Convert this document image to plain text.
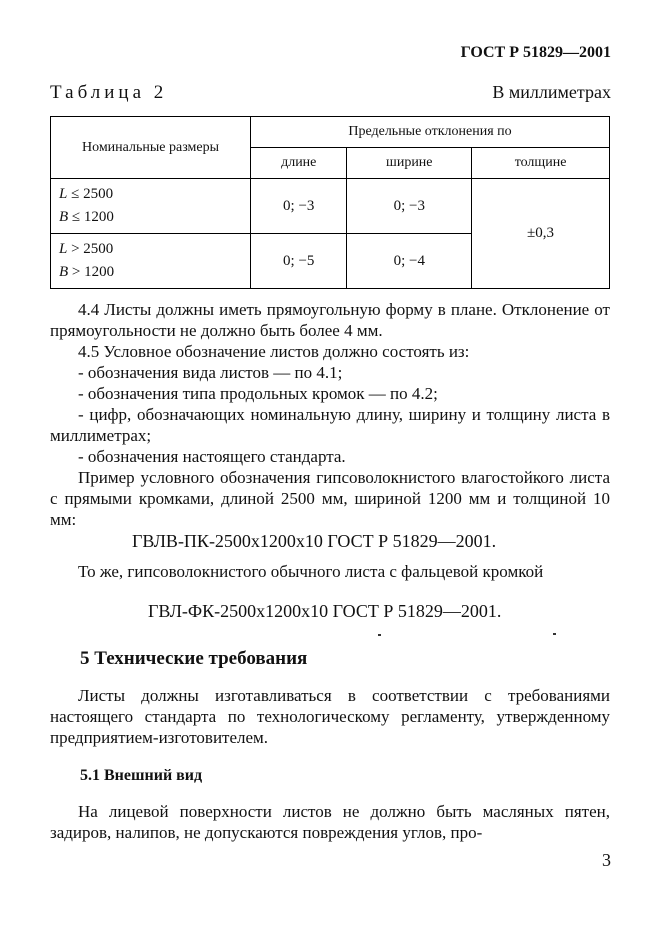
ГОСТ Р 51829—2001
Таблица 2	В миллиметрах
Номинальные размеры	Предельные отклонения по		
	длине	ширине	толщине

L ≤ 2500
B ≤ 1200	0; −3	0; −3	±0,3

L > 2500
B > 1200	0; −5	0; −4	

4.4 Листы должны иметь прямоугольную форму в плане. Отклонение от прямоугольности не должно быть более 4 мм.

4.5 Условное обозначение листов должно состоять из:

- обозначения вида листов — по 4.1;

- обозначения типа продольных кромок — по 4.2;

- цифр, обозначающих номинальную длину, ширину и толщину листа в миллиметрах;

- обозначения настоящего стандарта.

Пример условного обозначения гипсоволокнистого влагостойкого листа с прямыми кромками, длиной 2500 мм, шириной 1200 мм и толщиной 10 мм:

ГВЛВ-ПК-2500х1200х10 ГОСТ Р 51829—2001.

То же, гипсоволокнистого обычного листа с фальцевой кромкой

ГВЛ-ФК-2500х1200х10 ГОСТ Р 51829—2001.
5 Технические требования

Листы должны изготавливаться в соответствии с требованиями настоящего стандарта по технологическому регламенту, утвержденному предприятием-изготовителем.

5.1 Внешний вид

На лицевой поверхности листов не должно быть масляных пятен, задиров, налипов, не допускаются повреждения углов, про-

3
